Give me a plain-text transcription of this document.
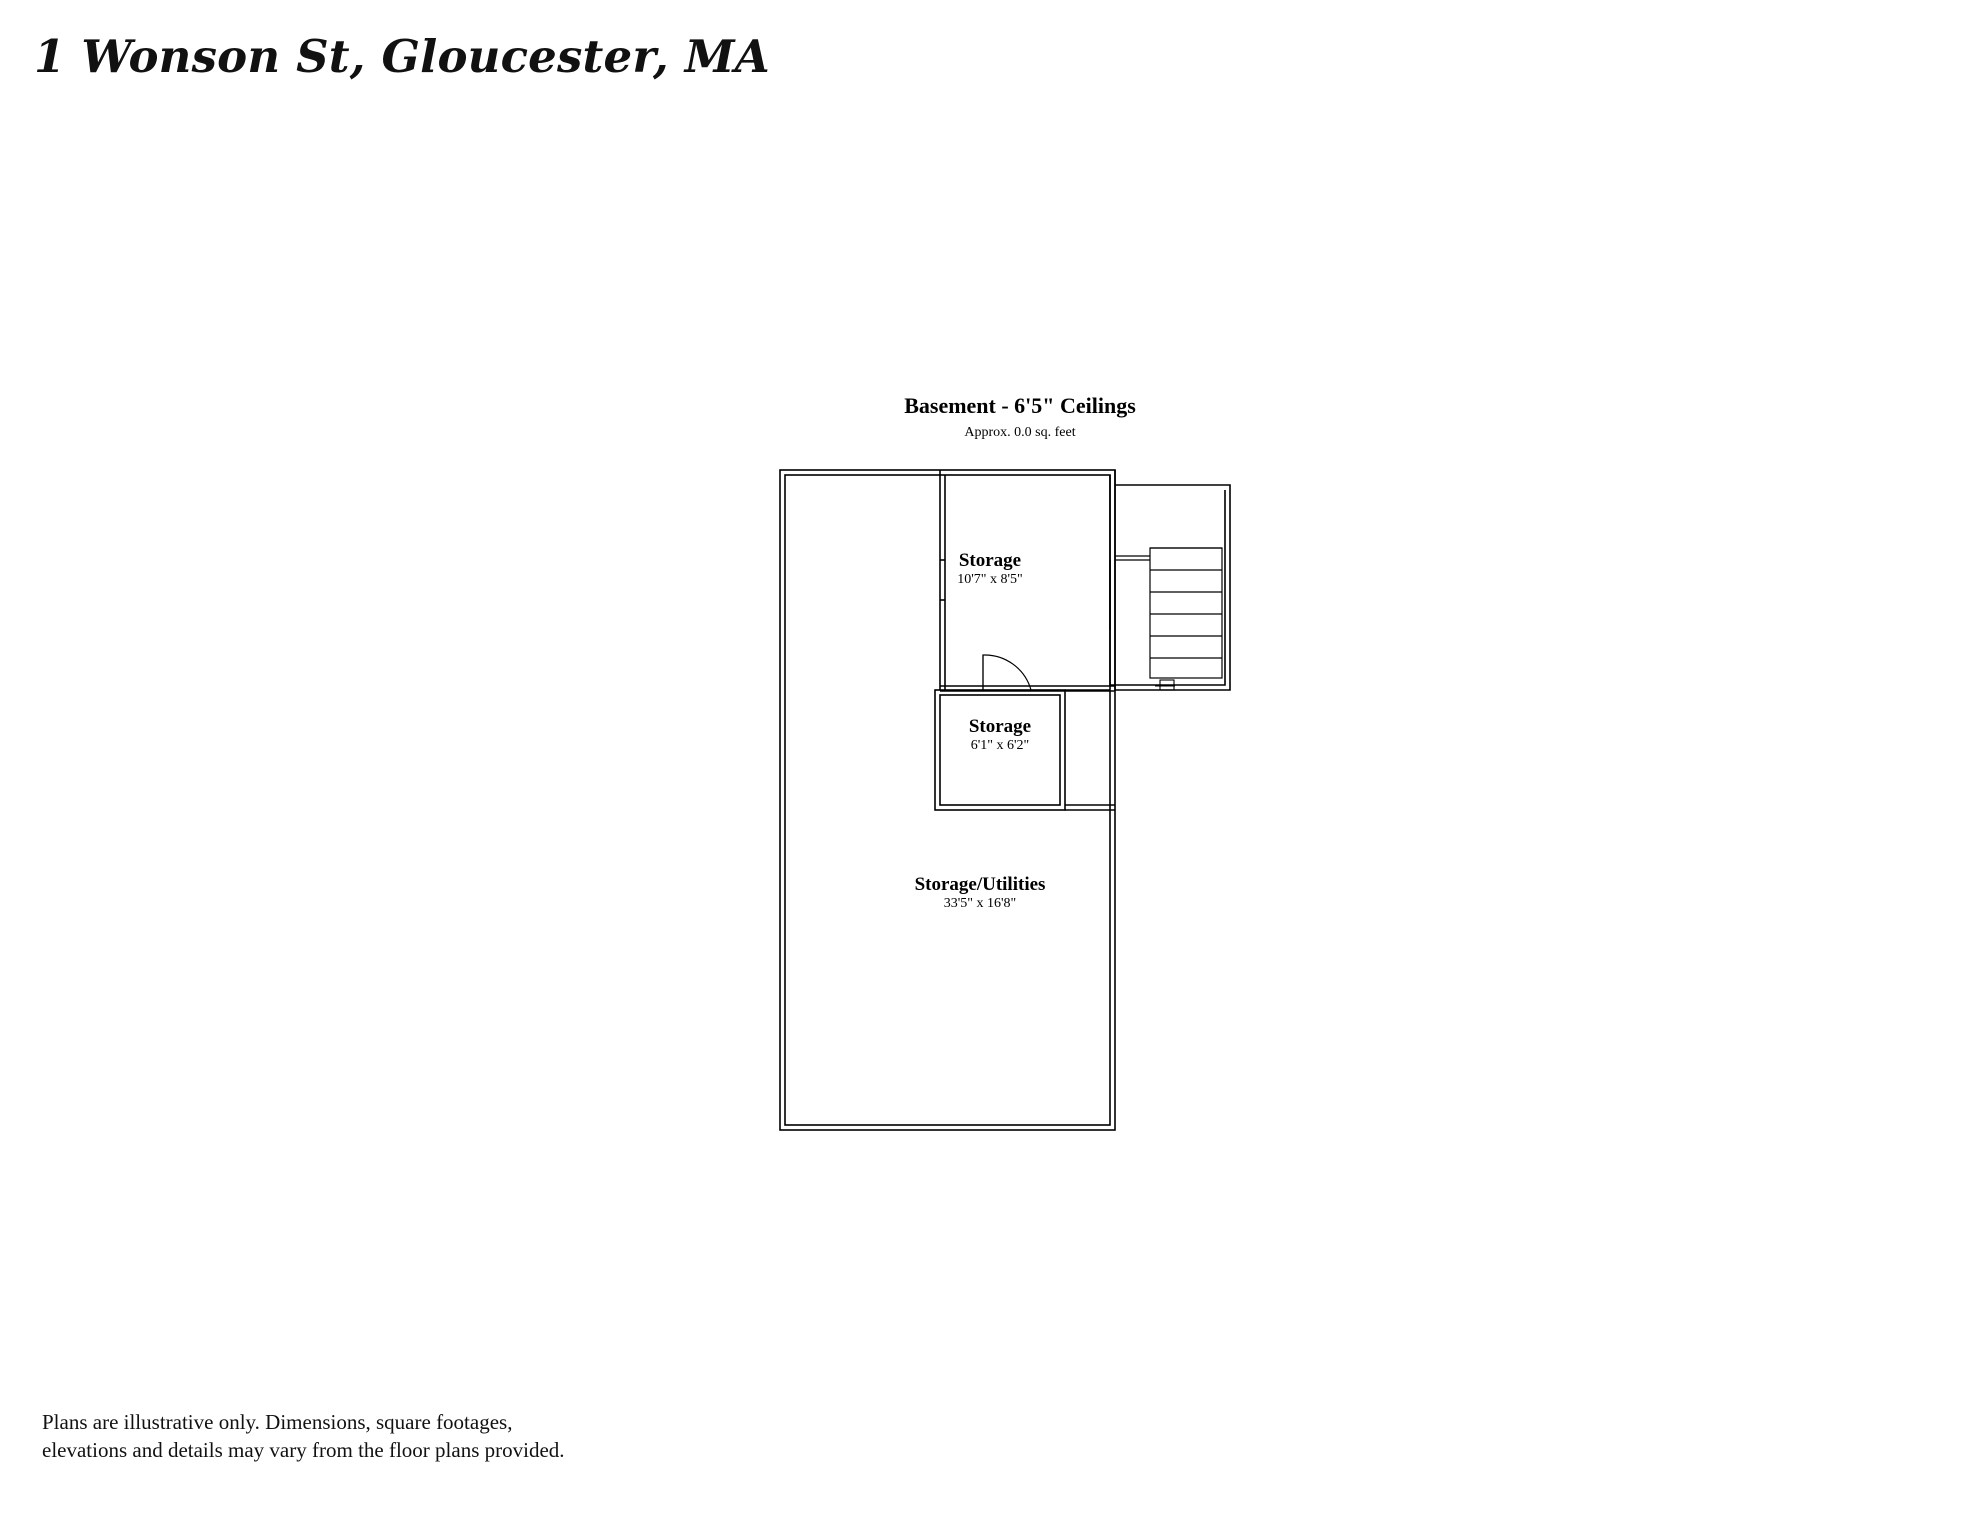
1 Wonson St, Gloucester, MA
Basement - 6'5" Ceilings
Approx. 0.0 sq. feet
Storage
10'7" x 8'5"
Storage
6'1" x 6'2"
Storage/Utilities
33'5" x 16'8"
Plans are illustrative only. Dimensions, square footages,
elevations and details may vary from the floor plans provided.
